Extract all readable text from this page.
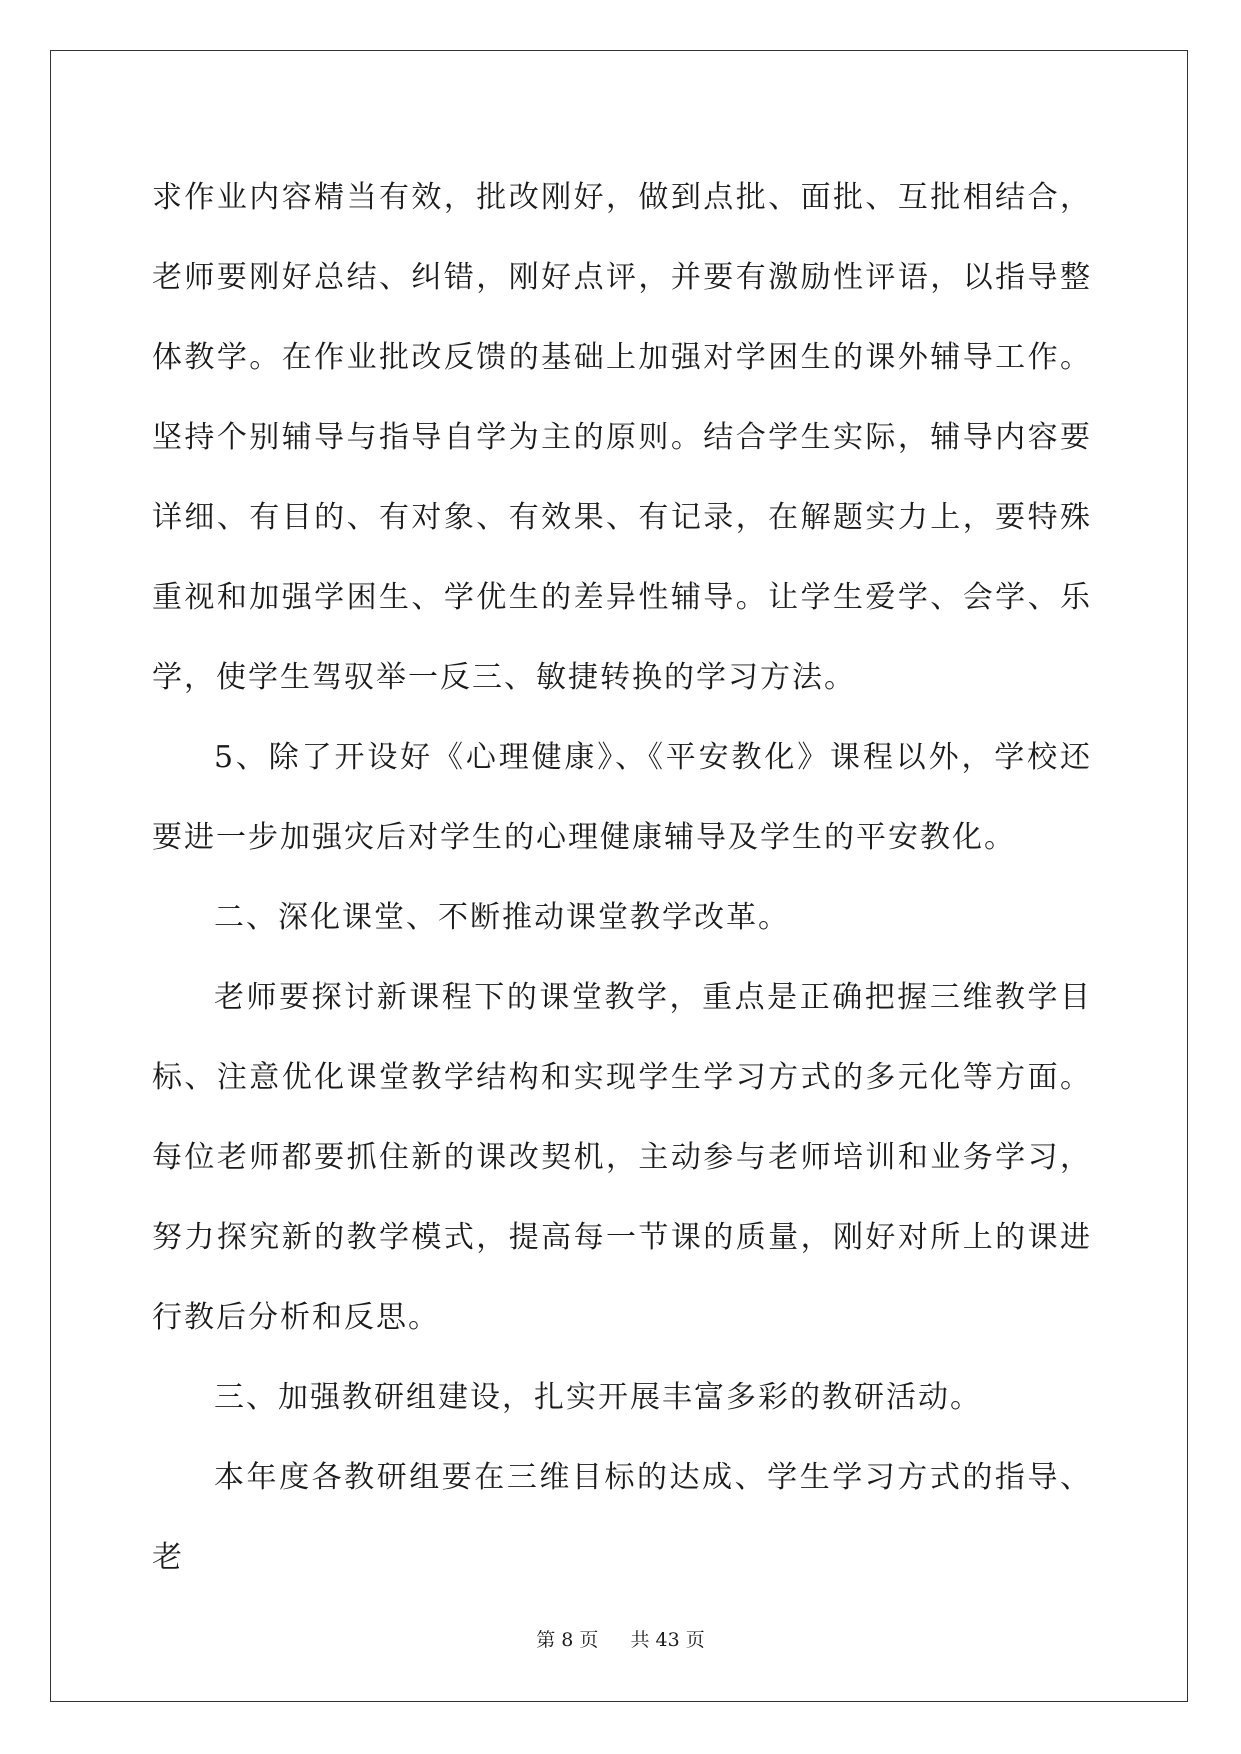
求作业内容精当有效，批改刚好，做到点批、面批、互批相结合，老师要刚好总结、纠错，刚好点评，并要有激励性评语，以指导整体教学。在作业批改反馈的基础上加强对学困生的课外辅导工作。坚持个别辅导与指导自学为主的原则。结合学生实际，辅导内容要详细、有目的、有对象、有效果、有记录，在解题实力上，要特殊重视和加强学困生、学优生的差异性辅导。让学生爱学、会学、乐学，使学生驾驭举一反三、敏捷转换的学习方法。

5、除了开设好《心理健康》、《平安教化》课程以外，学校还要进一步加强灾后对学生的心理健康辅导及学生的平安教化。

二、深化课堂、不断推动课堂教学改革。

老师要探讨新课程下的课堂教学，重点是正确把握三维教学目标、注意优化课堂教学结构和实现学生学习方式的多元化等方面。每位老师都要抓住新的课改契机，主动参与老师培训和业务学习，努力探究新的教学模式，提高每一节课的质量，刚好对所上的课进行教后分析和反思。

三、加强教研组建设，扎实开展丰富多彩的教研活动。

本年度各教研组要在三维目标的达成、学生学习方式的指导、老

第 8 页 共 43 页
